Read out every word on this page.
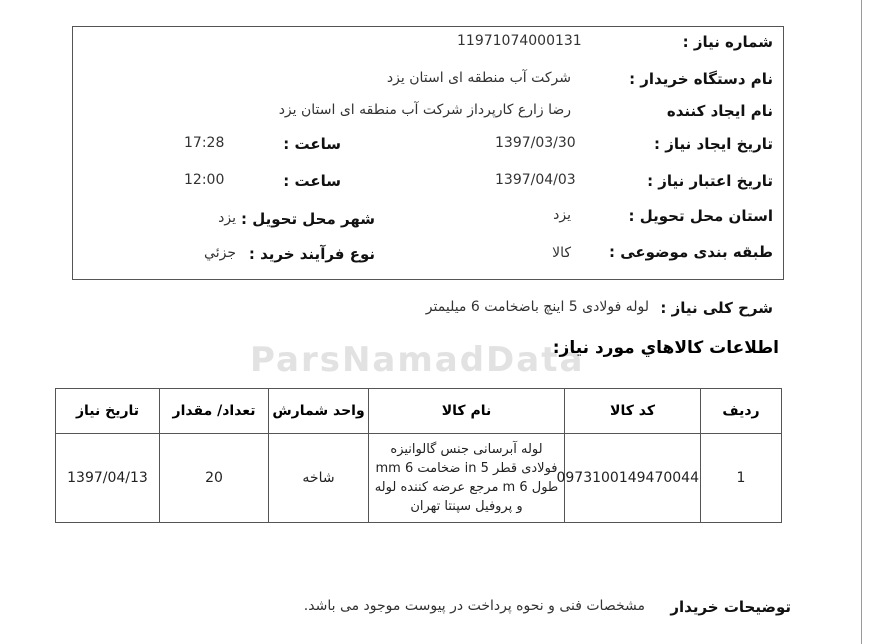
ParsNamadData
شماره نیاز :
11971074000131
نام دستگاه خریدار :
شرکت آب منطقه ای استان یزد
نام ایجاد کننده
رضا زارع کارپرداز شرکت آب منطقه ای استان یزد
تاریخ ایجاد نیاز :
1397/03/30
ساعت :
17:28
تاریخ اعتبار نیاز :
1397/04/03
ساعت :
12:00
استان محل تحویل :
یزد
شهر محل تحویل :
یزد
طبقه بندی موضوعی :
کالا
نوع فرآیند خرید :
جزئي
شرح کلی نیاز :
لوله فولادی 5 اینچ باضخامت 6 میلیمتر
اطلاعات کالاهاي مورد نیاز:
ردیف	کد کالا	نام کالا	واحد شمارش	تعداد/ مقدار	تاریخ نیاز
1	0973100149470044	لوله آبرسانی جنس گالوانیزه فولادی قطر 5 in ضخامت 6 mm طول 6 m مرجع عرضه کننده لوله و پروفیل سپنتا تهران	شاخه	20	1397/04/13
توضیحات خریدار
مشخصات فنی و نحوه پرداخت در پیوست موجود می باشد.
